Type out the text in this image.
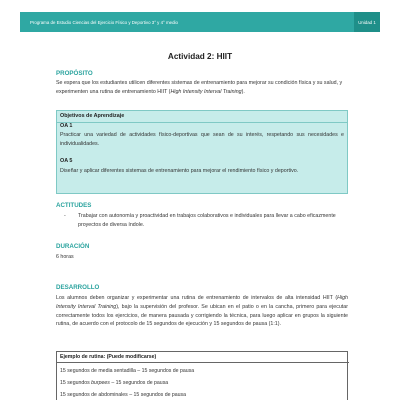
Programa de Estudio Ciencias del Ejercicio Físico y Deportivo 3° y 4° medio	Unidad 1
Actividad 2: HIIT
PROPÓSITO
Se espera que los estudiantes utilicen diferentes sistemas de entrenamiento para mejorar su condición física y su salud, y experimenten una rutina de entrenamiento HIIT (High Intensity Interval Training).
Objetivos de Aprendizaje
OA 1
Practicar una variedad de actividades físico-deportivas que sean de su interés, respetando sus necesidades e individualidades.
OA 5
Diseñar y aplicar diferentes sistemas de entrenamiento para mejorar el rendimiento físico y deportivo.
ACTITUDES
-	Trabajar con autonomía y proactividad en trabajos colaborativos e individuales para llevar a cabo eficazmente proyectos de diversa índole.
DURACIÓN
6 horas
DESARROLLO
Los alumnos deben organizar y experimentar una rutina de entrenamiento de intervalos de alta intensidad HIIT (High Intensity Interval Training), bajo la supervisión del profesor. Se ubican en el patio o en la cancha, primero para ejecutar correctamente todos los ejercicios, de manera pausada y corrigiendo la técnica, para luego aplicar en grupos la siguiente rutina, de acuerdo con el protocolo de 15 segundos de ejecución y 15 segundos de pausa (1:1).
Ejemplo de rutina: (Puede modificarse)
15 segundos de media sentadilla – 15 segundos de pausa
15 segundos burpees – 15 segundos de pausa
15 segundos de abdominales – 15 segundos de pausa
